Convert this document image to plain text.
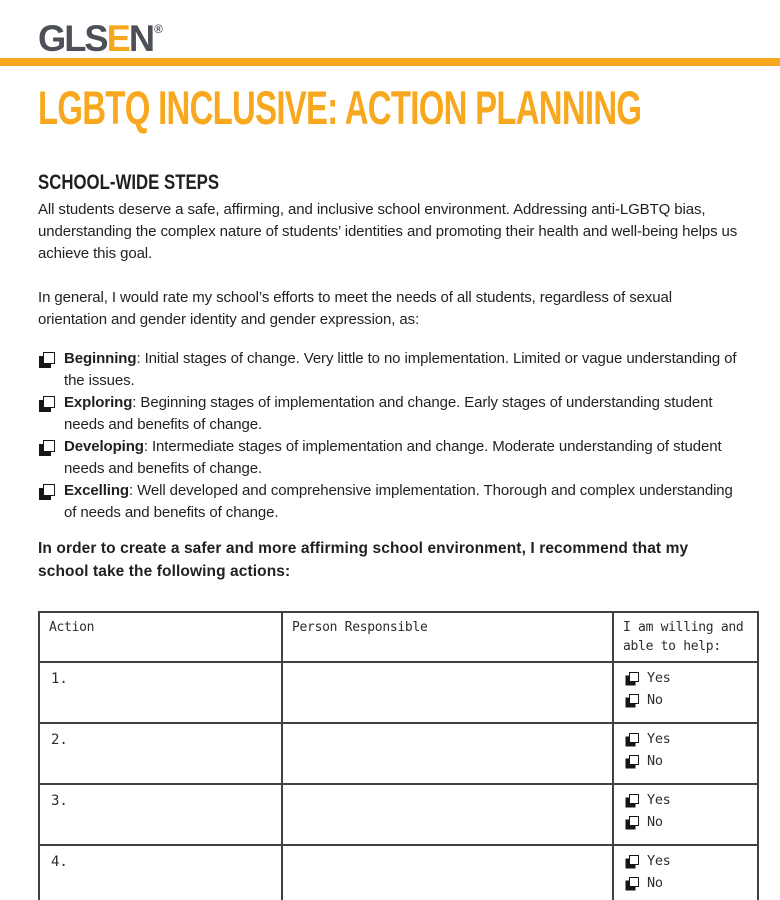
GLSEN®
LGBTQ INCLUSIVE: ACTION PLANNING
SCHOOL-WIDE STEPS

All students deserve a safe, affirming, and inclusive school environment. Addressing anti-LGBTQ bias, understanding the complex nature of students’ identities and promoting their health and well-being helps us achieve this goal.

In general, I would rate my school’s efforts to meet the needs of all students, regardless of sexual orientation and gender identity and gender expression, as:

Beginning: Initial stages of change. Very little to no implementation. Limited or vague understanding of the issues.
Exploring: Beginning stages of implementation and change. Early stages of understanding student needs and benefits of change.
Developing: Intermediate stages of implementation and change. Moderate understanding of student needs and benefits of change.
Excelling: Well developed and comprehensive implementation. Thorough and complex understanding of needs and benefits of change.

In order to create a safer and more affirming school environment, I recommend that my school take the following actions:

Action	Person Responsible	I am willing and able to help:
1.		Yes
No

2.		Yes
No

3.		Yes
No

4.		Yes
No
